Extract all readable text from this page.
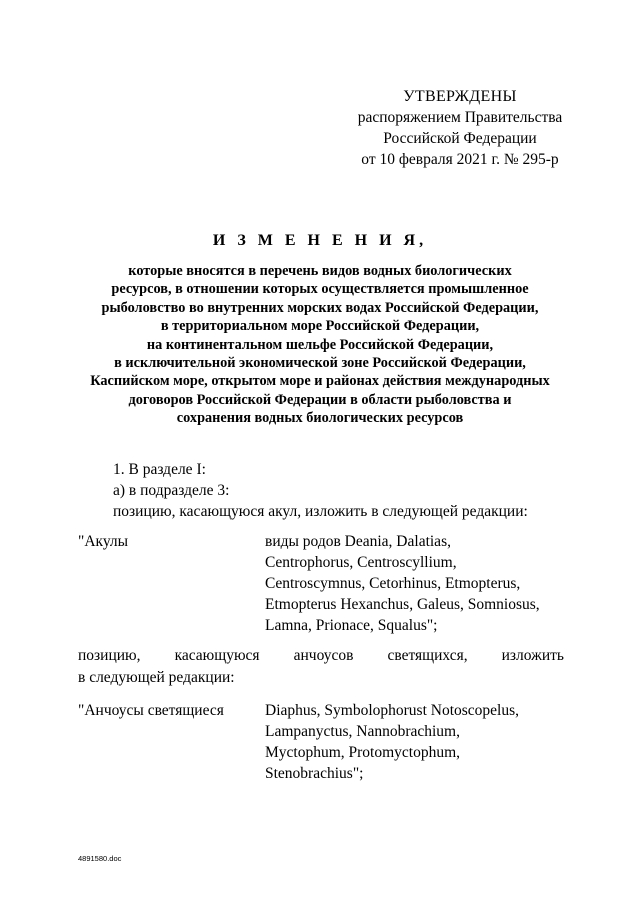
УТВЕРЖДЕНЫ
распоряжением Правительства
Российской Федерации
от 10 февраля 2021 г. № 295-р
И З М Е Н Е Н И Я,
которые вносятся в перечень видов водных биологических
ресурсов, в отношении которых осуществляется промышленное
рыболовство во внутренних морских водах Российской Федерации,
в территориальном море Российской Федерации,
на континентальном шельфе Российской Федерации,
в исключительной экономической зоне Российской Федерации,
Каспийском море, открытом море и районах действия международных
договоров Российской Федерации в области рыболовства и
сохранения водных биологических ресурсов
1. В разделе I:
а) в подразделе 3:
позицию, касающуюся акул, изложить в следующей редакции:
"Акулы	виды родов Deania, Dalatias,
Centrophorus, Centroscyllium,
Centroscymnus, Cetorhinus, Etmopterus,
Etmopterus Hexanchus, Galeus, Somniosus,
Lamna, Prionace, Squalus";
позицию, касающуюся анчоусов светящихся, изложить
в следующей редакции:
"Анчоусы светящиеся	Diaphus, Symbolophorust Notoscopelus,
Lampanyctus, Nannobrachium,
Myctophum, Protomyctophum,
Stenobrachius";
4891580.doc
